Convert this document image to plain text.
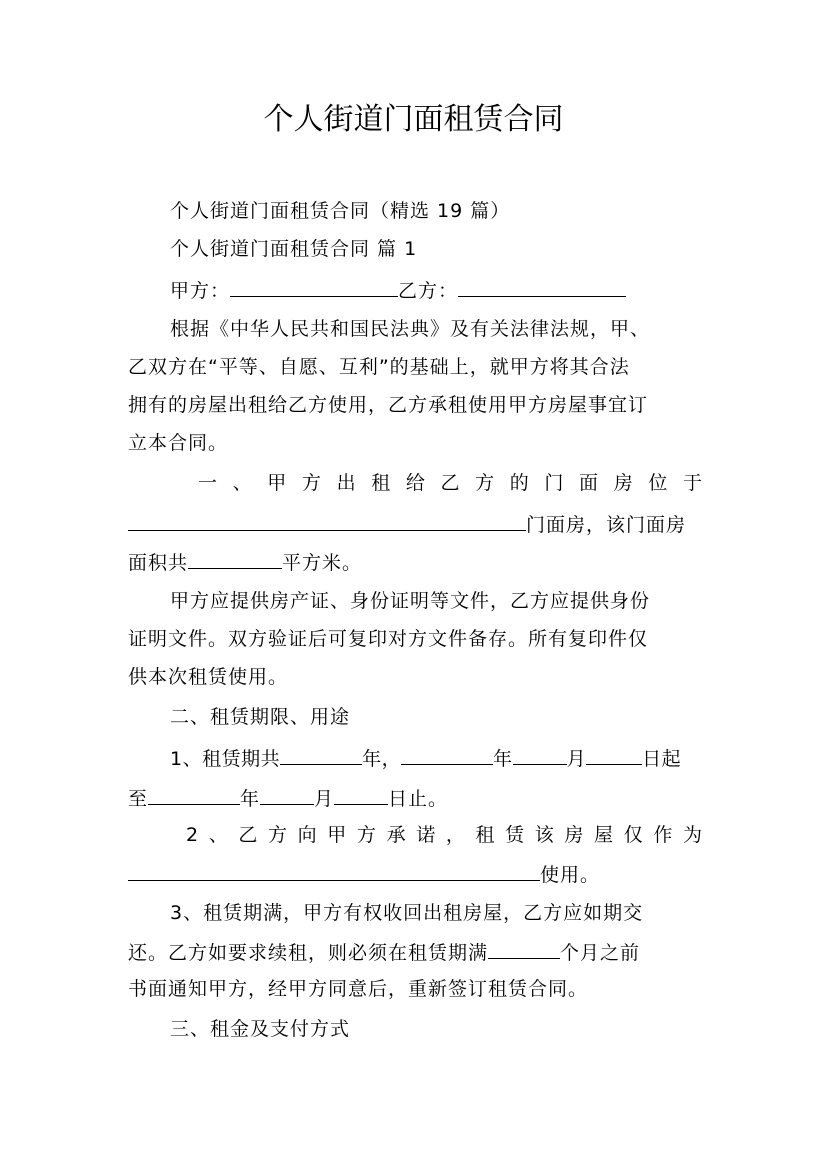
个人街道门面租赁合同
个人街道门面租赁合同（精选 19 篇）
个人街道门面租赁合同 篇 1
甲方：	乙方：
根据《中华人民共和国民法典》及有关法律法规，甲、
乙双方在“平等、自愿、互利”的基础上，就甲方将其合法
拥有的房屋出租给乙方使用，乙方承租使用甲方房屋事宜订
立本合同。
一 、 甲 方 出 租 给 乙 方 的 门 面 房 位 于
门面房，该门面房
面积共	平方米。
甲方应提供房产证、身份证明等文件，乙方应提供身份
证明文件。双方验证后可复印对方文件备存。所有复印件仅
供本次租赁使用。
二、租赁期限、用途
1、租赁期共	年，	年	月	日起
至	年	月	日止。
2 、 乙 方 向 甲 方 承 诺 ， 租 赁 该 房 屋 仅 作 为
使用。
3、租赁期满，甲方有权收回出租房屋，乙方应如期交
还。乙方如要求续租，则必须在租赁期满	个月之前
书面通知甲方，经甲方同意后，重新签订租赁合同。
三、租金及支付方式
